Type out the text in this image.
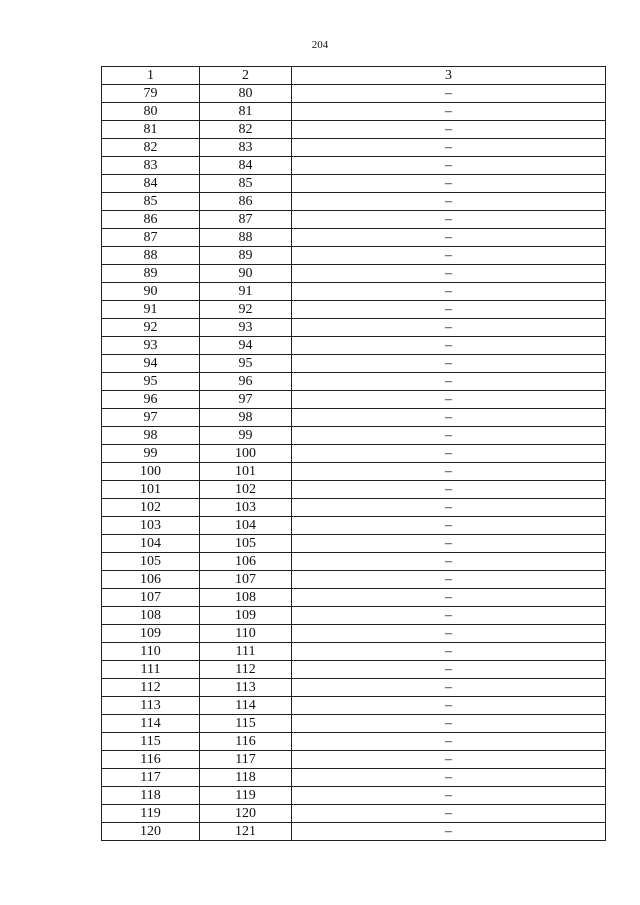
204
1	2	3
79	80	–
80	81	–
81	82	–
82	83	–
83	84	–
84	85	–
85	86	–
86	87	–
87	88	–
88	89	–
89	90	–
90	91	–
91	92	–
92	93	–
93	94	–
94	95	–
95	96	–
96	97	–
97	98	–
98	99	–
99	100	–
100	101	–
101	102	–
102	103	–
103	104	–
104	105	–
105	106	–
106	107	–
107	108	–
108	109	–
109	110	–
110	111	–
111	112	–
112	113	–
113	114	–
114	115	–
115	116	–
116	117	–
117	118	–
118	119	–
119	120	–
120	121	–
